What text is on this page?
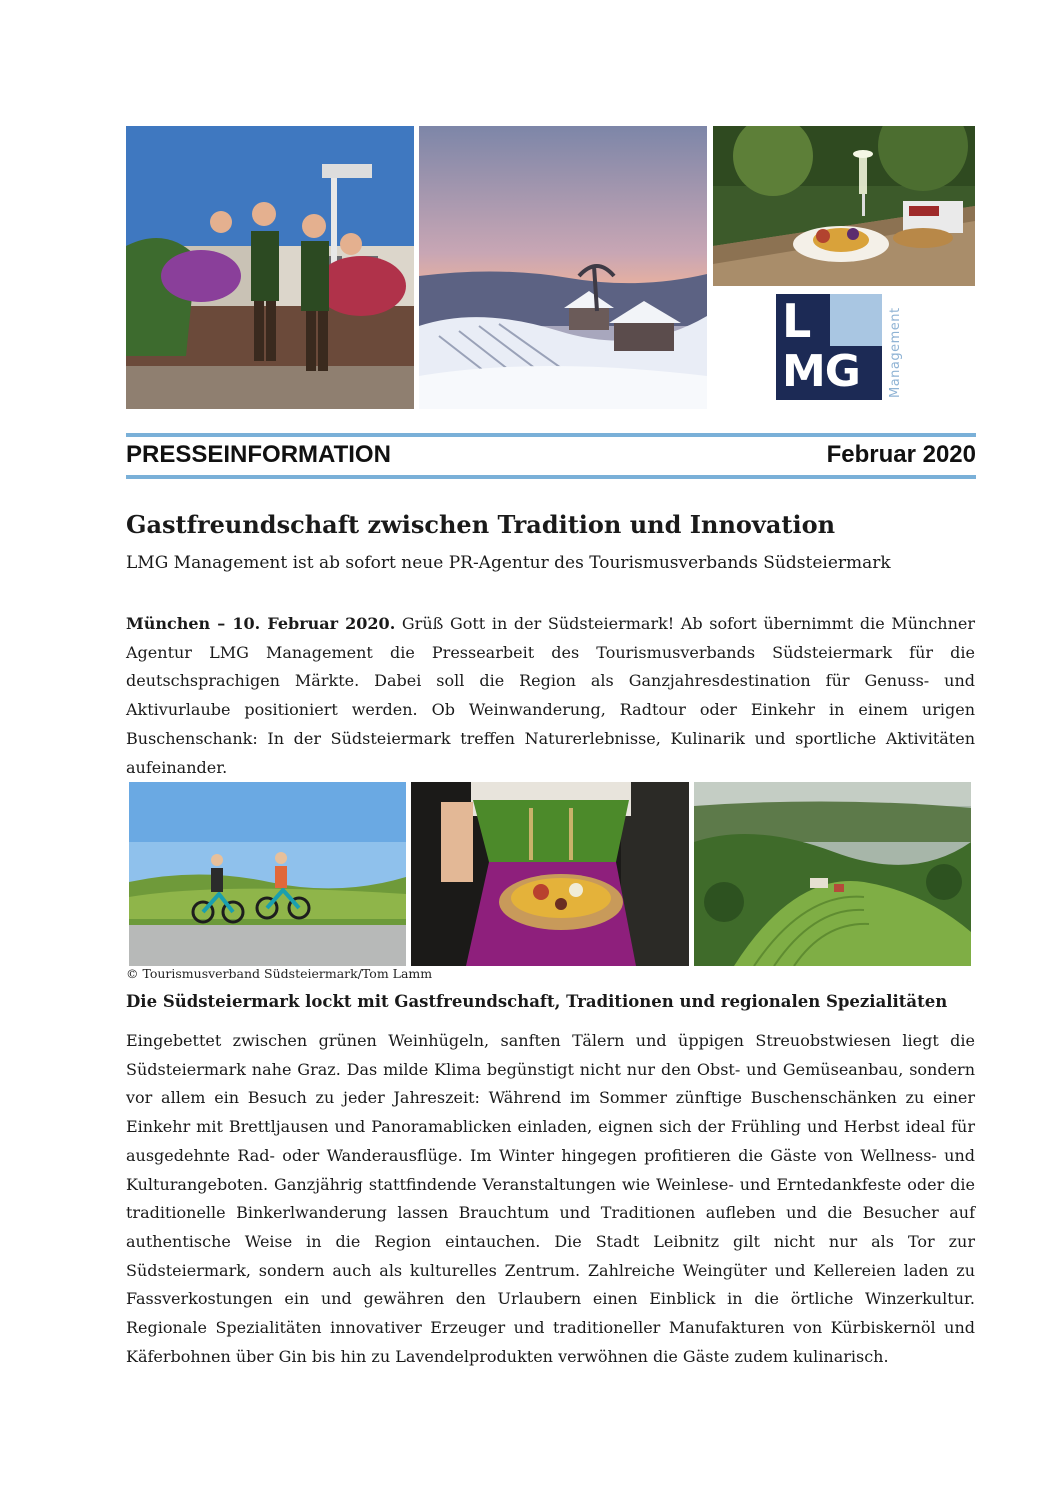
L
MG Management
PRESSEINFORMATION	Februar 2020
Gastfreundschaft zwischen Tradition und Innovation

LMG Management ist ab sofort neue PR-Agentur des Tourismusverbands Südsteiermark

München – 10. Februar 2020. Grüß Gott in der Südsteiermark! Ab sofort übernimmt die Münchner Agentur LMG Management die Pressearbeit des Tourismusverbands Südsteiermark für die deutschsprachigen Märkte. Dabei soll die Region als Ganzjahresdestination für Genuss- und Aktivurlaube positioniert werden. Ob Weinwanderung, Radtour oder Einkehr in einem urigen Buschenschank: In der Südsteiermark treffen Naturerlebnisse, Kulinarik und sportliche Aktivitäten aufeinander.

© Tourismusverband Südsteiermark/Tom Lamm

Die Südsteiermark lockt mit Gastfreundschaft, Traditionen und regionalen Spezialitäten

Eingebettet zwischen grünen Weinhügeln, sanften Tälern und üppigen Streuobstwiesen liegt die Südsteiermark nahe Graz. Das milde Klima begünstigt nicht nur den Obst- und Gemüseanbau, sondern vor allem ein Besuch zu jeder Jahreszeit: Während im Sommer zünftige Buschenschänken zu einer Einkehr mit Brettljausen und Panoramablicken einladen, eignen sich der Frühling und Herbst ideal für ausgedehnte Rad- oder Wanderausflüge. Im Winter hingegen profitieren die Gäste von Wellness- und Kulturangeboten. Ganzjährig stattfindende Veranstaltungen wie Weinlese- und Erntedankfeste oder die traditionelle Binkerlwanderung lassen Brauchtum und Traditionen aufleben und die Besucher auf authentische Weise in die Region eintauchen. Die Stadt Leibnitz gilt nicht nur als Tor zur Südsteiermark, sondern auch als kulturelles Zentrum. Zahlreiche Weingüter und Kellereien laden zu Fassverkostungen ein und gewähren den Urlaubern einen Einblick in die örtliche Winzerkultur. Regionale Spezialitäten innovativer Erzeuger und traditioneller Manufakturen von Kürbiskernöl und Käferbohnen über Gin bis hin zu Lavendelprodukten verwöhnen die Gäste zudem kulinarisch.
